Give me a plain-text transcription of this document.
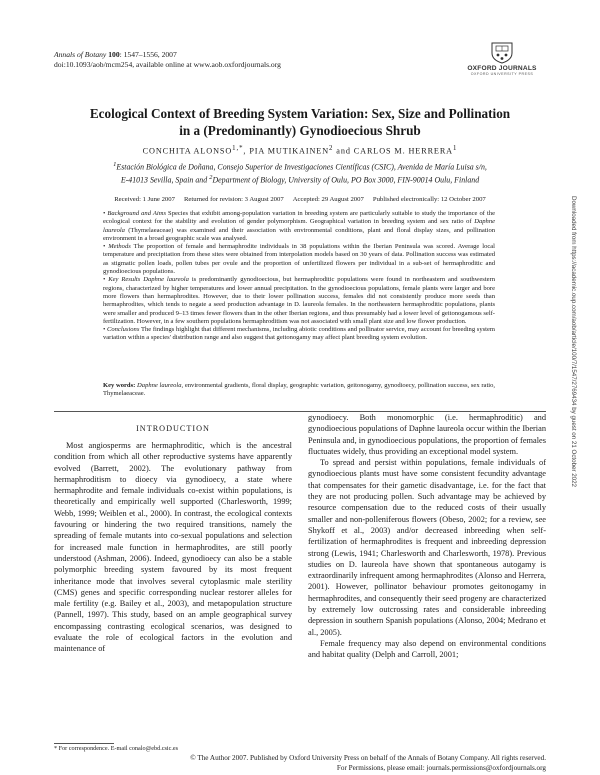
Annals of Botany 100: 1547–1556, 2007
doi:10.1093/aob/mcm254, available online at www.aob.oxfordjournals.org	OXFORD JOURNALS
OXFORD UNIVERSITY PRESS
Ecological Context of Breeding System Variation: Sex, Size and Pollination
in a (Predominantly) Gynodioecious Shrub
CONCHITA $ALONSO^{1,*}$, PIA MUTIKAINEN$^2$ and CARLOS M. HERRERA$^1$
$^1$Estación Biológica de Doñana, Consejo Superior de Investigaciones Científicas (CSIC), Avenida de María Luisa s/n,
E-41013 Sevilla, Spain and $^2$Department of Biology, University of Oulu, PO Box 3000, FIN-90014 Oulu, Finland
Received: 1 June 2007 Returned for revision: 3 August 2007 Accepted: 29 August 2007 Published electronically: 12 October 2007

• Background and Aims Species that exhibit among-population variation in breeding system are particularly suitable to study the importance of the ecological context for the stability and evolution of gender polymorphism. Geographical variation in breeding system and sex ratio of Daphne laureola (Thymelaeaceae) was examined and their association with environmental conditions, plant and floral display sizes, and pollination environment in a broad geographic scale was analysed.

• Methods The proportion of female and hermaphrodite individuals in 38 populations within the Iberian Peninsula was scored. Average local temperature and precipitation from these sites were obtained from interpolation models based on 30 years of data. Pollination success was estimated as stigmatic pollen loads, pollen tubes per ovule and the proportion of unfertilized flowers per individual in a sub-set of hermaphroditic and gynodioecious populations.

• Key Results Daphne laureola is predominantly gynodioecious, but hermaphroditic populations were found in northeastern and southwestern regions, characterized by higher temperatures and lower annual precipitation. In the gynodioecious populations, female plants were larger and bore more flowers than hermaphrodites. However, due to their lower pollination success, females did not consistently produce more seeds than hermaphrodites, which tends to negate a seed production advantage in D. laureola females. In the northeastern hermaphroditic populations, plants were smaller and produced 9–13 times fewer flowers than in the other Iberian regions, and thus presumably had a lower level of geitonogamous self-fertilization. However, in a few southern populations hermaphroditism was not associated with small plant size and low flower production.

• Conclusions The findings highlight that different mechanisms, including abiotic conditions and pollinator service, may account for breeding system variation within a species' distribution range and also suggest that geitonogamy may affect plant breeding system evolution.

Key words: Daphne laureola, environmental gradients, floral display, geographic variation, geitonogamy, gynodioecy, pollination success, sex ratio, Thymelaeaceae.
INTRODUCTION

Most angiosperms are hermaphroditic, which is the ancestral condition from which all other reproductive systems have apparently evolved (Barrett, 2002). The evolutionary pathway from hermaphroditism to dioecy via gynodioecy, a state where hermaphrodite and female individuals co-exist within populations, is theoretically and empirically well supported (Charlesworth, 1999; Webb, 1999; Weiblen et al., 2000). In contrast, the ecological contexts favouring or hindering the two required transitions, namely the spreading of female mutants into co-sexual populations and selection for increased male function in hermaphrodites, are still poorly understood (Ashman, 2006). Indeed, gynodioecy can also be a stable polymorphic breeding system favoured by its most frequent inheritance mode that involves several cytoplasmic male sterility (CMS) genes and specific corresponding nuclear restorer alleles for male fertility (e.g. Bailey et al., 2003), and metapopulation structure (Pannell, 1997). This study, based on an ample geographical survey encompassing contrasting ecological scenarios, was designed to evaluate the role of ecological factors in the evolution and maintenance of

gynodioecy. Both monomorphic (i.e. hermaphroditic) and gynodioecious populations of Daphne laureola occur within the Iberian Peninsula and, in gynodioecious populations, the proportion of females fluctuates widely, thus providing an exceptional model system.

To spread and persist within populations, female individuals of gynodioecious plants must have some consistent fecundity advantage that compensates for their gametic disadvantage, i.e. for the fact that they are not producing pollen. Such advantage may be achieved by resource compensation due to the reduced costs of their usually smaller and non-polleniferous flowers (Obeso, 2002; for a review, see Shykoff et al., 2003) and/or decreased inbreeding when self-fertilization of hermaphrodites is frequent and inbreeding depression strong (Lewis, 1941; Charlesworth and Charlesworth, 1978). Previous studies on D. laureola have shown that spontaneous autogamy is extraordinarily infrequent among hermaphrodites (Alonso and Herrera, 2001). However, pollinator behaviour promotes geitonogamy in hermaphrodites, and consequently their seed progeny are characterized by extremely low outcrossing rates and considerable inbreeding depression in southern Spanish populations (Alonso, 2004; Medrano et al., 2005).

Female frequency may also depend on environmental conditions and habitat quality (Delph and Carroll, 2001;

* For correspondence. E-mail conalo@ebd.csic.es
© The Author 2007. Published by Oxford University Press on behalf of the Annals of Botany Company. All rights reserved.
For Permissions, please email: journals.permissions@oxfordjournals.org
Downloaded from https://academic.oup.com/aob/article/100/7/1547/2769434 by guest on 21 October 2022
